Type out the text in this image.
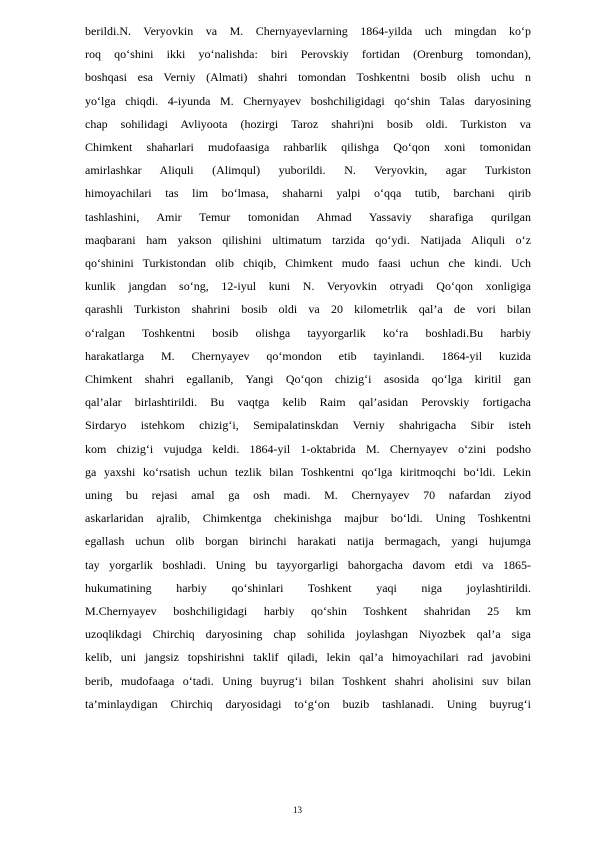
berildi.N. Veryovkin va M. Chernyayevlarning 1864-yilda uch mingdan ko‘p
roq qo‘shini ikki yo‘nalishda: biri Perovskiy fortidan (Orenburg tomondan),
boshqasi esa Verniy (Almati) shahri tomondan Toshkentni bosib olish uchu n
yo‘lga chiqdi. 4-iyunda M. Chernyayev boshchiligidagi qo‘shin Talas daryosining
chap sohilidagi Avliyoota (hozirgi Taroz shahri)ni bosib oldi. Turkiston va
Chimkent shaharlari mudofaasiga rahbarlik qilishga Qo‘qon xoni tomonidan
amirlashkar Aliquli (Alimqul) yuborildi. N. Veryovkin, agar Turkiston
himoyachilari tas lim bo‘lmasa, shaharni yalpi o‘qqa tutib, barchani qirib
tashlashini, Amir Temur tomonidan Ahmad Yassaviy sharafiga qurilgan
maqbarani ham yakson qilishini ultimatum tarzida qo‘ydi. Natijada Aliquli o‘z
qo‘shinini Turkistondan olib chiqib, Chimkent mudo faasi uchun che kindi. Uch
kunlik jangdan so‘ng, 12-iyul kuni N. Veryovkin otryadi Qo‘qon xonligiga
qarashli Turkiston shahrini bosib oldi va 20 kilometrlik qal’a de vori bilan
o‘ralgan Toshkentni bosib olishga tayyorgarlik ko‘ra boshladi.Bu harbiy
harakatlarga M. Chernyayev qo‘mondon etib tayinlandi. 1864-yil kuzida
Chimkent shahri egallanib, Yangi Qo‘qon chizig‘i asosida qo‘lga kiritil gan
qal’alar birlashtirildi. Bu vaqtga kelib Raim qal’asidan Perovskiy fortigacha
Sirdaryo istehkom chizig‘i, Semipalatinskdan Verniy shahrigacha Sibir isteh
kom chizig‘i vujudga keldi. 1864-yil 1-oktabrida M. Chernyayev o‘zini podsho
ga yaxshi ko‘rsatish uchun tezlik bilan Toshkentni qo‘lga kiritmoqchi bo‘ldi. Lekin
uning bu rejasi amal ga osh madi. M. Chernyayev 70 nafardan ziyod
askarlaridan ajralib, Chimkentga chekinishga majbur bo‘ldi. Uning Toshkentni
egallash uchun olib borgan birinchi harakati natija bermagach, yangi hujumga
tay yorgarlik boshladi. Uning bu tayyorgarligi bahorgacha davom etdi va 1865-
hukumatining harbiy qo‘shinlari Toshkent yaqi niga joylashtirildi.
M.Chernyayev boshchiligidagi harbiy qo‘shin Toshkent shahridan 25 km
uzoqlikdagi Chirchiq daryosining chap sohilida joylashgan Niyozbek qal’a siga
kelib, uni jangsiz topshirishni taklif qiladi, lekin qal’a himoyachilari rad javobini
berib, mudofaaga o‘tadi. Uning buyrug‘i bilan Toshkent shahri aholisini suv bilan
ta’minlaydigan Chirchiq daryosidagi to‘g‘on buzib tashlanadi. Uning buyrug‘i

13
